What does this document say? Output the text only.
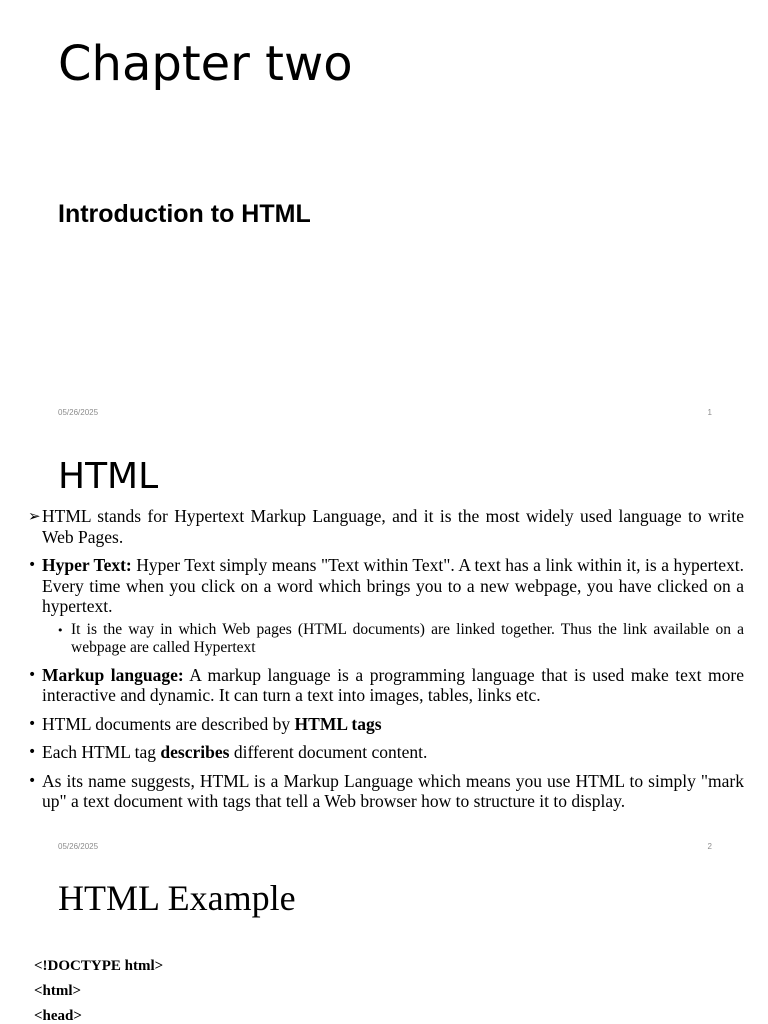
Chapter two
Introduction to HTML
05/26/2025	1
HTML
➢ HTML stands for Hypertext Markup Language, and it is the most widely used language to write Web Pages.
• Hyper Text: Hyper Text simply means "Text within Text". A text has a link within it, is a hypertext. Every time when you click on a word which brings you to a new webpage, you have clicked on a hypertext.
• It is the way in which Web pages (HTML documents) are linked together. Thus the link available on a webpage are called Hypertext
• Markup language: A markup language is a programming language that is used make text more interactive and dynamic. It can turn a text into images, tables, links etc.
• HTML documents are described by HTML tags
• Each HTML tag describes different document content.
• As its name suggests, HTML is a Markup Language which means you use HTML to simply "mark up" a text document with tags that tell a Web browser how to structure it to display.
05/26/2025	2
HTML Example
<!DOCTYPE html>
<html>
<head>
